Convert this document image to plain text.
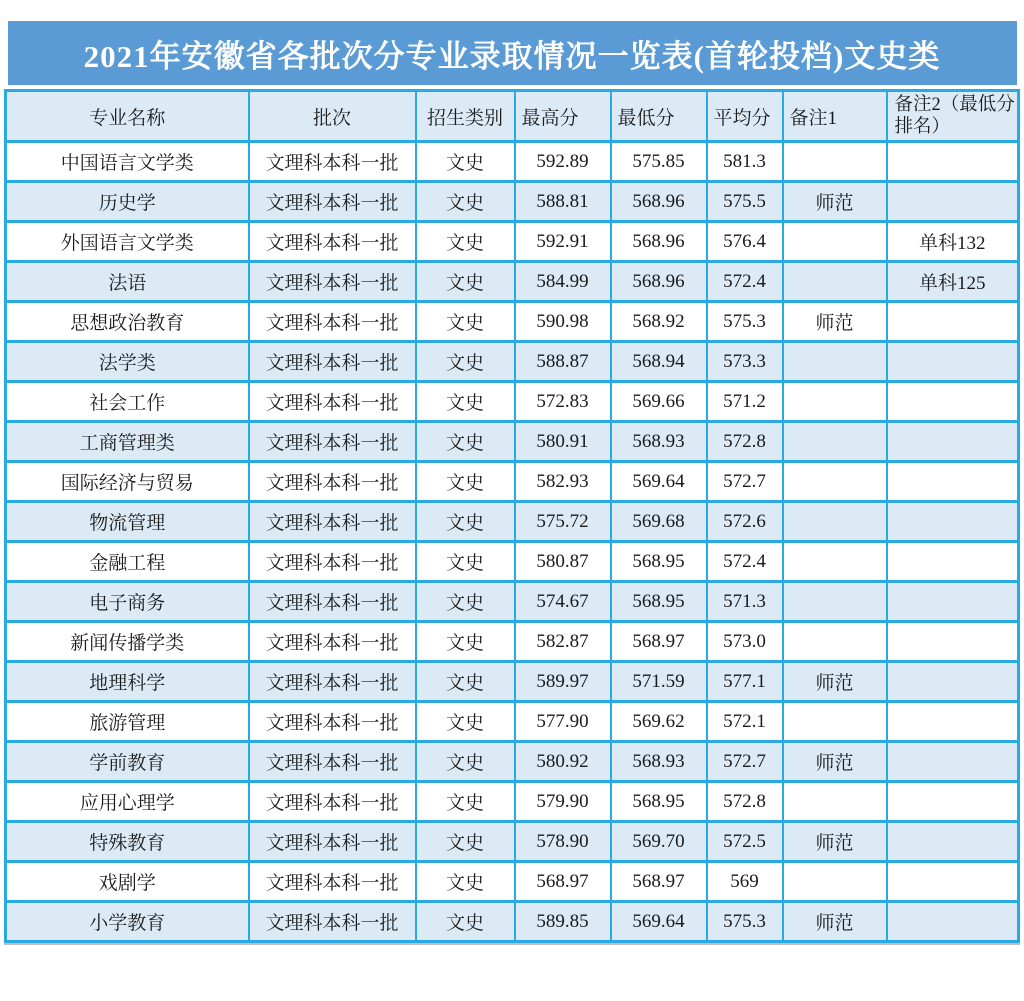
2021年安徽省各批次分专业录取情况一览表(首轮投档)文史类
专业名称	批次	招生类别	最高分	最低分	平均分	备注1	备注2（最低分排名）
中国语言文学类	文理科本科一批	文史	592.89	575.85	581.3		
历史学	文理科本科一批	文史	588.81	568.96	575.5	师范	
外国语言文学类	文理科本科一批	文史	592.91	568.96	576.4		单科132
法语	文理科本科一批	文史	584.99	568.96	572.4		单科125
思想政治教育	文理科本科一批	文史	590.98	568.92	575.3	师范	
法学类	文理科本科一批	文史	588.87	568.94	573.3		
社会工作	文理科本科一批	文史	572.83	569.66	571.2		
工商管理类	文理科本科一批	文史	580.91	568.93	572.8		
国际经济与贸易	文理科本科一批	文史	582.93	569.64	572.7		
物流管理	文理科本科一批	文史	575.72	569.68	572.6		
金融工程	文理科本科一批	文史	580.87	568.95	572.4		
电子商务	文理科本科一批	文史	574.67	568.95	571.3		
新闻传播学类	文理科本科一批	文史	582.87	568.97	573.0		
地理科学	文理科本科一批	文史	589.97	571.59	577.1	师范	
旅游管理	文理科本科一批	文史	577.90	569.62	572.1		
学前教育	文理科本科一批	文史	580.92	568.93	572.7	师范	
应用心理学	文理科本科一批	文史	579.90	568.95	572.8		
特殊教育	文理科本科一批	文史	578.90	569.70	572.5	师范	
戏剧学	文理科本科一批	文史	568.97	568.97	569		
小学教育	文理科本科一批	文史	589.85	569.64	575.3	师范	
